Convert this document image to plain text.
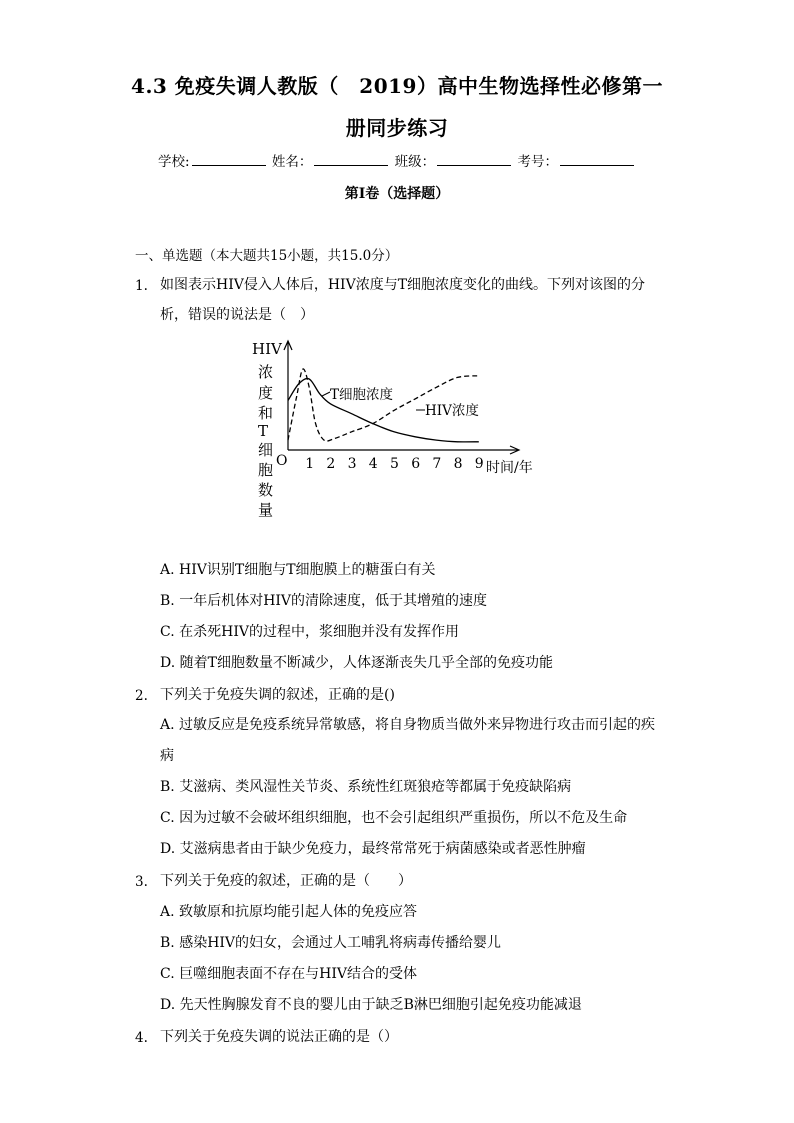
4.3 免疫失调人教版（　2019）高中生物选择性必修第一
册同步练习
学校:	姓名：	班级：	考号：
第I卷（选择题）
一、单选题（本大题共15小题，共15.0分）
1. 如图表示HIV侵入人体后，HIV浓度与T细胞浓度变化的曲线。下列对该图的分
析，错误的说法是（　）
HIV
浓
度
和
T
细
胞
数
量
O 1 2 3 4 5 6 7 8 9 时间/年
T细胞浓度
HIV浓度
A. HIV识别T细胞与T细胞膜上的糖蛋白有关
B. 一年后机体对HIV的清除速度，低于其增殖的速度
C. 在杀死HIV的过程中，浆细胞并没有发挥作用
D. 随着T细胞数量不断减少，人体逐渐丧失几乎全部的免疫功能
2. 下列关于免疫失调的叙述，正确的是()
A. 过敏反应是免疫系统异常敏感，将自身物质当做外来异物进行攻击而引起的疾
病
B. 艾滋病、类风湿性关节炎、系统性红斑狼疮等都属于免疫缺陷病
C. 因为过敏不会破坏组织细胞，也不会引起组织严重损伤，所以不危及生命
D. 艾滋病患者由于缺少免疫力，最终常常死于病菌感染或者恶性肿瘤
3. 下列关于免疫的叙述，正确的是（　　）
A. 致敏原和抗原均能引起人体的免疫应答
B. 感染HIV的妇女，会通过人工哺乳将病毒传播给婴儿
C. 巨噬细胞表面不存在与HIV结合的受体
D. 先天性胸腺发育不良的婴儿由于缺乏B淋巴细胞引起免疫功能减退
4. 下列关于免疫失调的说法正确的是（）
